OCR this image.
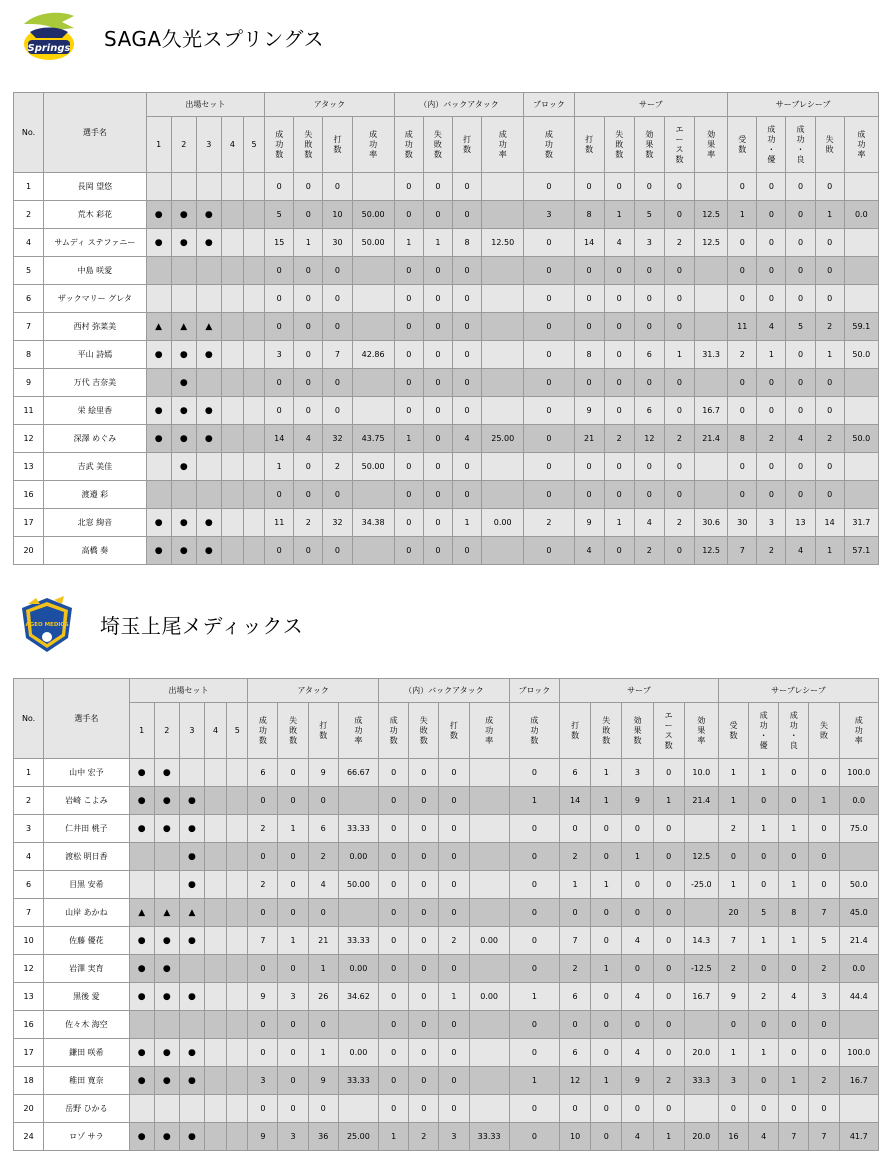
Springs SAGA久光スプリングス
No.	選手名	出場セット					アタック				（内）バックアタック				ブロック	サーブ					サーブレシーブ				
		1	2	3	4	5	成
功
数	失
敗
数	打
数	成
功
率	成
功
数	失
敗
数	打
数	成
功
率	成
功
数	打
数	失
敗
数	効
果
数	エ
ー
ス
数	効
果
率	受
数	成
功
・
優	成
功
・
良	失
敗	成
功
率
1	長岡 望悠						0	0	0		0	0	0		0	0	0	0	0		0	0	0	0	
2	荒木 彩花	●	●	●			5	0	10	50.00	0	0	0		3	8	1	5	0	12.5	1	0	0	1	0.0
4	サムディ ステファニー	●	●	●			15	1	30	50.00	1	1	8	12.50	0	14	4	3	2	12.5	0	0	0	0	
5	中島 咲愛						0	0	0		0	0	0		0	0	0	0	0		0	0	0	0	
6	ザックマリー グレタ						0	0	0		0	0	0		0	0	0	0	0		0	0	0	0	
7	西村 弥菜美	▲	▲	▲			0	0	0		0	0	0		0	0	0	0	0		11	4	5	2	59.1
8	平山 詩嫣	●	●	●			3	0	7	42.86	0	0	0		0	8	0	6	1	31.3	2	1	0	1	50.0
9	万代 吉奈美		●				0	0	0		0	0	0		0	0	0	0	0		0	0	0	0	
11	栄 絵里香	●	●	●			0	0	0		0	0	0		0	9	0	6	0	16.7	0	0	0	0	
12	深澤 めぐみ	●	●	●			14	4	32	43.75	1	0	4	25.00	0	21	2	12	2	21.4	8	2	4	2	50.0
13	吉武 美佳		●				1	0	2	50.00	0	0	0		0	0	0	0	0		0	0	0	0	
16	渡邉 彩						0	0	0		0	0	0		0	0	0	0	0		0	0	0	0	
17	北窓 絢音	●	●	●			11	2	32	34.38	0	0	1	0.00	2	9	1	4	2	30.6	30	3	13	14	31.7
20	高橋 奏	●	●	●			0	0	0		0	0	0		0	4	0	2	0	12.5	7	2	4	1	57.1
AGEO MEDICS 埼玉上尾メディックス
No.	選手名	出場セット					アタック				（内）バックアタック				ブロック	サーブ					サーブレシーブ				
		1	2	3	4	5	成
功
数	失
敗
数	打
数	成
功
率	成
功
数	失
敗
数	打
数	成
功
率	成
功
数	打
数	失
敗
数	効
果
数	エ
ー
ス
数	効
果
率	受
数	成
功
・
優	成
功
・
良	失
敗	成
功
率
1	山中 宏予	●	●				6	0	9	66.67	0	0	0		0	6	1	3	0	10.0	1	1	0	0	100.0
2	岩崎 こよみ	●	●	●			0	0	0		0	0	0		1	14	1	9	1	21.4	1	0	0	1	0.0
3	仁井田 桃子	●	●	●			2	1	6	33.33	0	0	0		0	0	0	0	0		2	1	1	0	75.0
4	渡松 明日香			●			0	0	2	0.00	0	0	0		0	2	0	1	0	12.5	0	0	0	0	
6	目黒 安希			●			2	0	4	50.00	0	0	0		0	1	1	0	0	-25.0	1	0	1	0	50.0
7	山岸 あかね	▲	▲	▲			0	0	0		0	0	0		0	0	0	0	0		20	5	8	7	45.0
10	佐藤 優花	●	●	●			7	1	21	33.33	0	0	2	0.00	0	7	0	4	0	14.3	7	1	1	5	21.4
12	岩澤 実育	●	●				0	0	1	0.00	0	0	0		0	2	1	0	0	-12.5	2	0	0	2	0.0
13	黒後 愛	●	●	●			9	3	26	34.62	0	0	1	0.00	1	6	0	4	0	16.7	9	2	4	3	44.4
16	佐々木 海空						0	0	0		0	0	0		0	0	0	0	0		0	0	0	0	
17	鎌田 咲希	●	●	●			0	0	1	0.00	0	0	0		0	6	0	4	0	20.0	1	1	0	0	100.0
18	稚田 寛奈	●	●	●			3	0	9	33.33	0	0	0		1	12	1	9	2	33.3	3	0	1	2	16.7
20	岳野 ひかる						0	0	0		0	0	0		0	0	0	0	0		0	0	0	0	
24	ロゾ サラ	●	●	●			9	3	36	25.00	1	2	3	33.33	0	10	0	4	1	20.0	16	4	7	7	41.7
